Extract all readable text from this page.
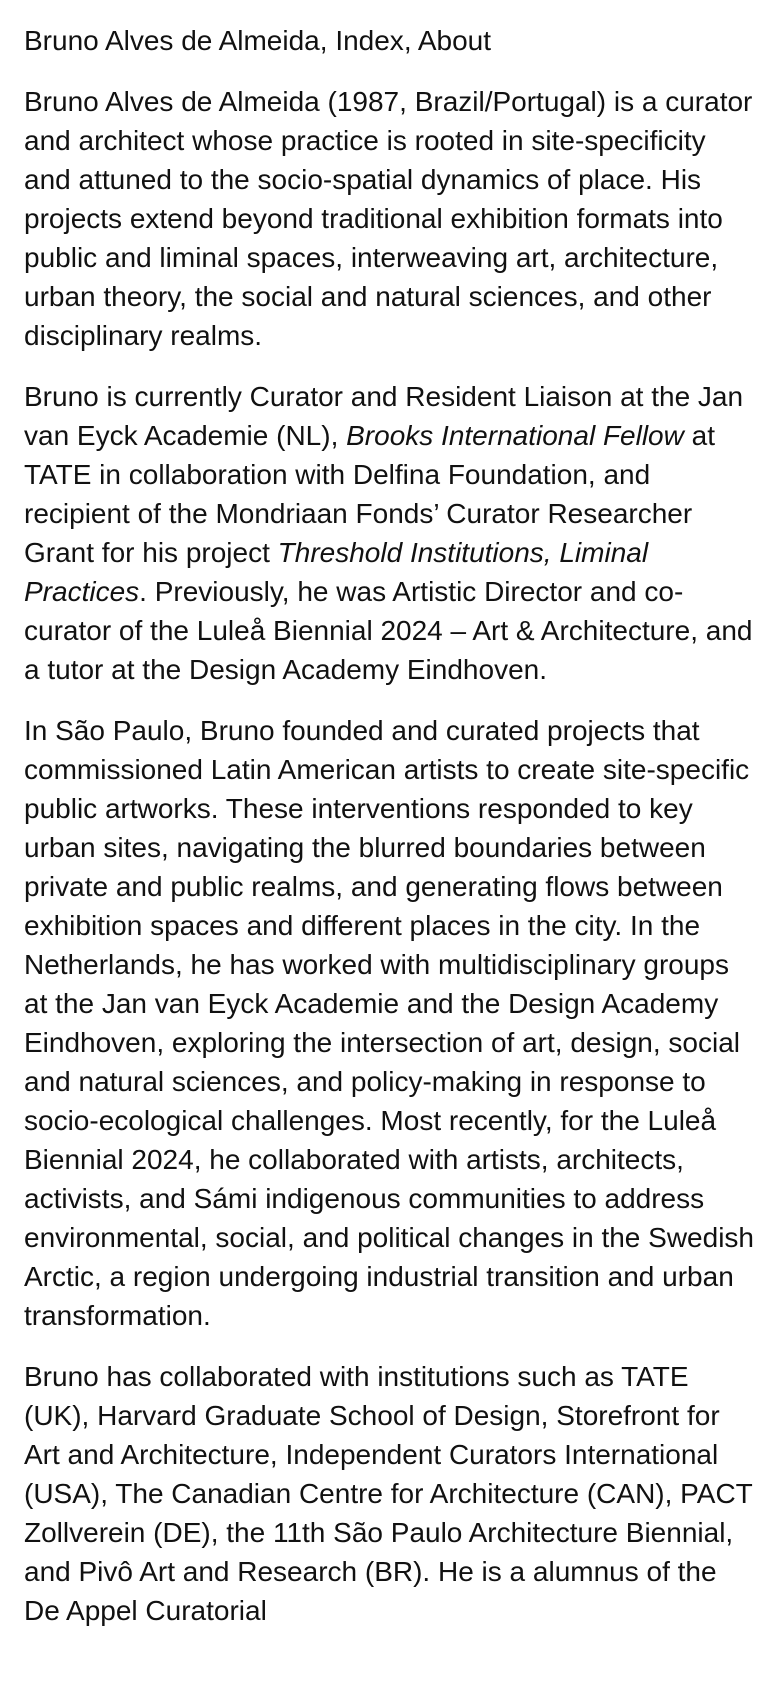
Bruno Alves de Almeida, Index, About

Bruno Alves de Almeida (1987, Brazil/Portugal) is a curator and architect whose practice is rooted in site-specificity and attuned to the socio-spatial dynamics of place. His projects extend beyond traditional exhibition formats into public and liminal spaces, interweaving art, architecture, urban theory, the social and natural sciences, and other disciplinary realms.

Bruno is currently Curator and Resident Liaison at the Jan van Eyck Academie (NL), Brooks International Fellow at TATE in collaboration with Delfina Foundation, and recipient of the Mondriaan Fonds’ Curator Researcher Grant for his project Threshold Institutions, Liminal Practices. Previously, he was Artistic Director and co-curator of the Luleå Biennial 2024 – Art & Architecture, and a tutor at the Design Academy Eindhoven.

In São Paulo, Bruno founded and curated projects that commissioned Latin American artists to create site-specific public artworks. These interventions responded to key urban sites, navigating the blurred boundaries between private and public realms, and generating flows between exhibition spaces and different places in the city. In the Netherlands, he has worked with multidisciplinary groups at the Jan van Eyck Academie and the Design Academy Eindhoven, exploring the intersection of art, design, social and natural sciences, and policy-making in response to socio-ecological challenges. Most recently, for the Luleå Biennial 2024, he collaborated with artists, architects, activists, and Sámi indigenous communities to address environmental, social, and political changes in the Swedish Arctic, a region undergoing industrial transition and urban transformation.

Bruno has collaborated with institutions such as TATE (UK), Harvard Graduate School of Design, Storefront for Art and Architecture, Independent Curators International (USA), The Canadian Centre for Architecture (CAN), PACT Zollverein (DE), the 11th São Paulo Architecture Biennial, and Pivô Art and Research (BR). He is a alumnus of the De Appel Curatorial
